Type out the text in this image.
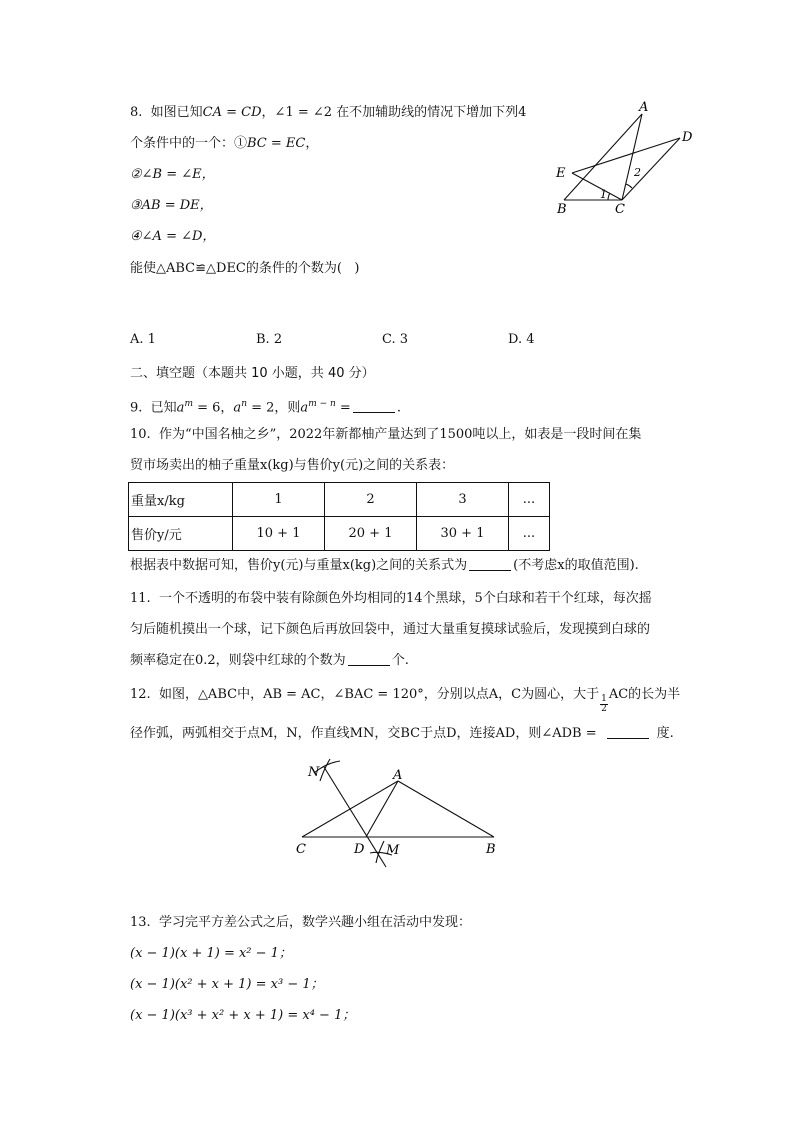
8.  如图已知CA = CD，∠1 = ∠2 在不加辅助线的情况下增加下列4
个条件中的一个：①BC = EC，
②∠B = ∠E，
③AB = DE，
④∠A = ∠D，
能使△ABC≌△DEC的条件的个数为(   )
A
D
E
B	C
1
2
A. 1	B. 2	C. 3	D. 4
二、填空题（本题共 10 小题，共 40 分）
9.  已知$a^m = 6$，$a^n = 2$，则$a^{m - n}$ =	.
10.  作为“中国名柚之乡”，2022年新都柚产量达到了1500吨以上，如表是一段时间在集
贸市场卖出的柚子重量x(kg)与售价y(元)之间的关系表：
重量x/kg	1	2	3	...
售价y/元	10 + 1	20 + 1	30 + 1	...
根据表中数据可知，售价y(元)与重量x(kg)之间的关系式为	(不考虑x的取值范围).
11.  一个不透明的布袋中装有除颜色外均相同的14个黑球，5个白球和若干个红球，每次摇
匀后随机摸出一个球，记下颜色后再放回袋中，通过大量重复摸球试验后，发现摸到白球的
频率稳定在0.2，则袋中红球的个数为	个.
12.  如图，△ABC中，AB = AC，∠BAC = 120°，分别以点A，C为圆心，大于
$\frac{1}{2}$
AC的长为半
径作弧，两弧相交于点M，N，作直线MN，交BC于点D，连接AD，则∠ADB =	度.
N	A
C	D M	B
13.  学习完平方差公式之后，数学兴趣小组在活动中发现：
(x − 1)(x + 1) = x² − 1；
(x − 1)(x² + x + 1) = x³ − 1；
(x − 1)(x³ + x² + x + 1) = x⁴ − 1；
